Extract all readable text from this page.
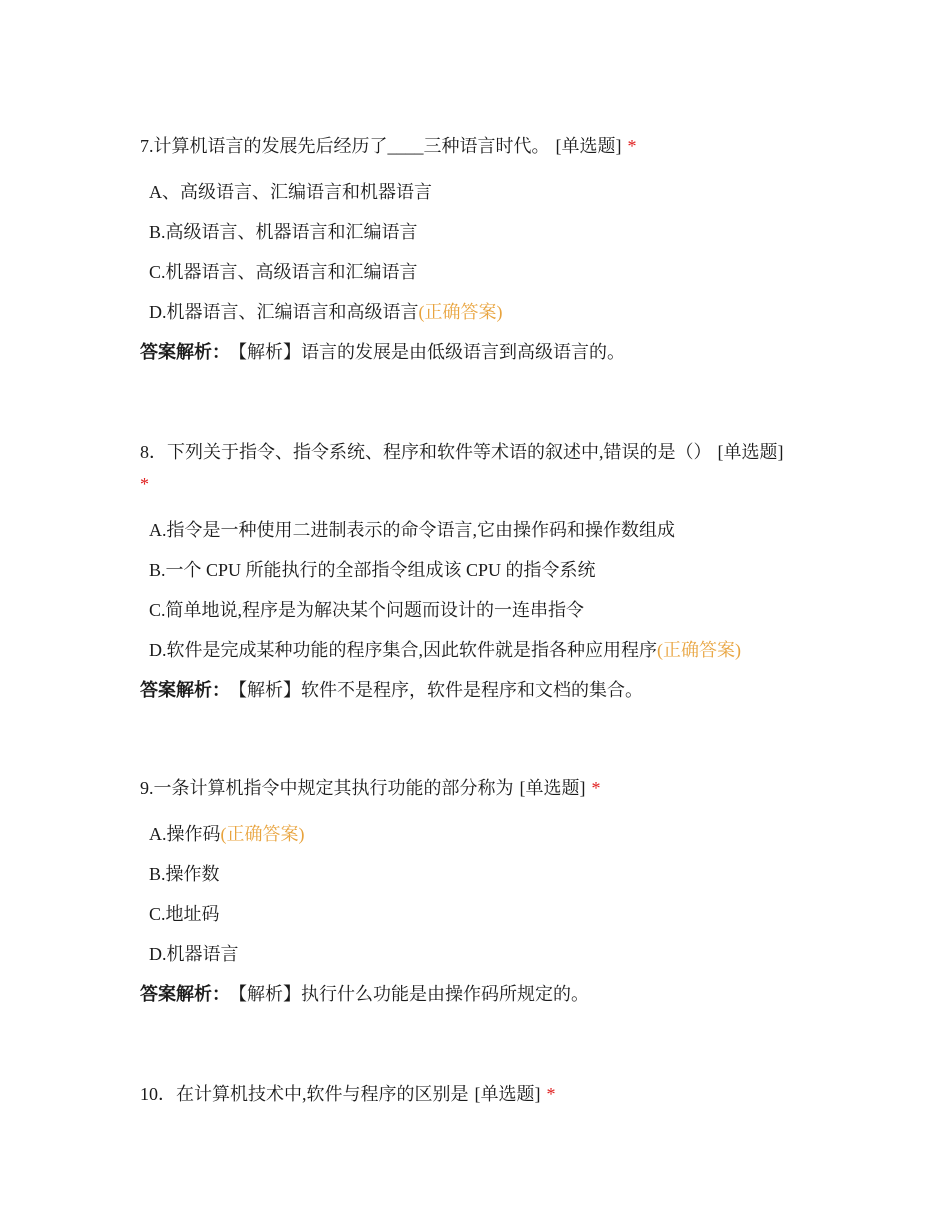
7.计算机语言的发展先后经历了____三种语言时代。 [单选题] *

A、高级语言、汇编语言和机器语言

B.高级语言、机器语言和汇编语言

C.机器语言、高级语言和汇编语言

D.机器语言、汇编语言和高级语言(正确答案)

答案解析： 【解析】语言的发展是由低级语言到高级语言的。

8．下列关于指令、指令系统、程序和软件等术语的叙述中,错误的是（） [单选题]
*

A.指令是一种使用二进制表示的命令语言,它由操作码和操作数组成

B.一个 CPU 所能执行的全部指令组成该 CPU 的指令系统

C.简单地说,程序是为解决某个问题而设计的一连串指令

D.软件是完成某种功能的程序集合,因此软件就是指各种应用程序(正确答案)

答案解析： 【解析】软件不是程序，软件是程序和文档的集合。

9.一条计算机指令中规定其执行功能的部分称为 [单选题] *

A.操作码(正确答案)

B.操作数

C.地址码

D.机器语言

答案解析： 【解析】执行什么功能是由操作码所规定的。

10．在计算机技术中,软件与程序的区别是 [单选题] *
